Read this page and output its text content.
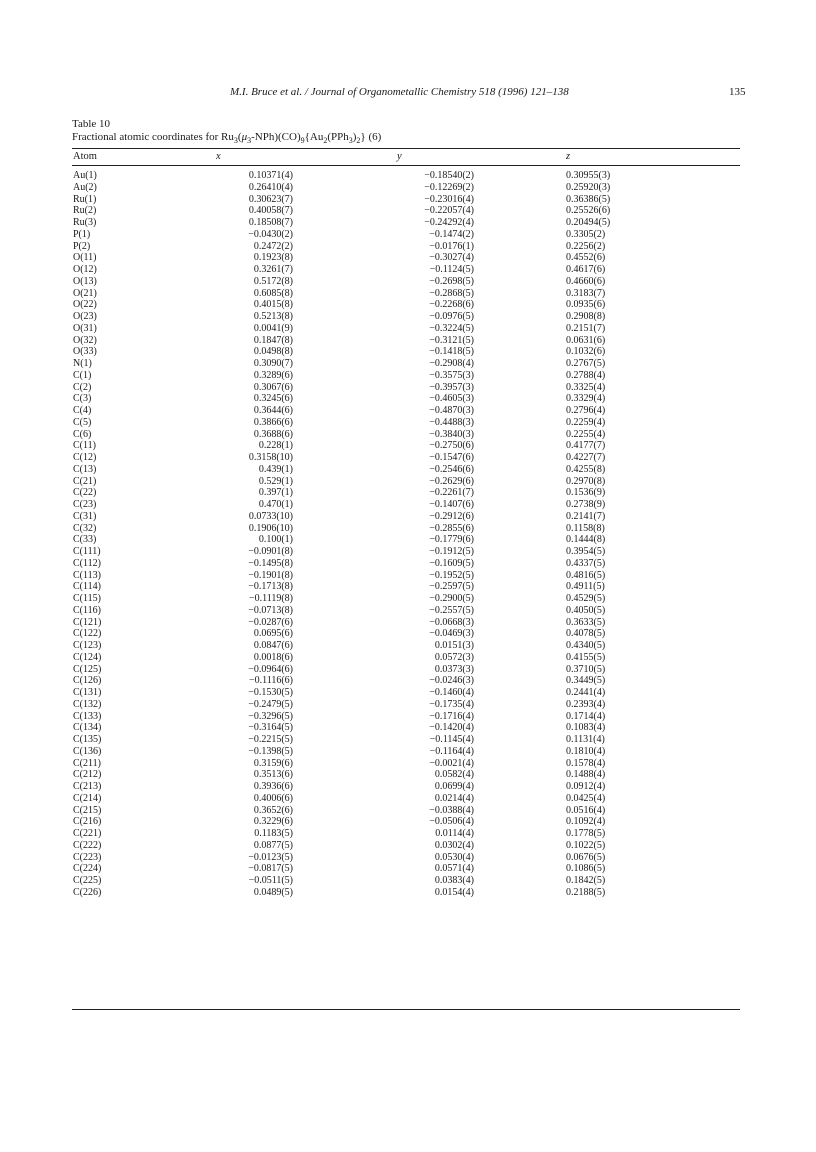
M.I. Bruce et al. / Journal of Organometallic Chemistry 518 (1996) 121–138	135
Table 10
Fractional atomic coordinates for $Ru_3(\mu_3-NPh)(CO)_9\{Au_2(PPh_3)_2\}$ (6)
Atom	x	y	z
Au(1)	0.10371(4)	−0.18540(2)	0.30955(3)
Au(2)	0.26410(4)	−0.12269(2)	0.25920(3)
Ru(1)	0.30623(7)	−0.23016(4)	0.36386(5)
Ru(2)	0.40058(7)	−0.22057(4)	0.25526(6)
Ru(3)	0.18508(7)	−0.24292(4)	0.20494(5)
P(1)	−0.0430(2)	−0.1474(2)	0.3305(2)
P(2)	0.2472(2)	−0.0176(1)	0.2256(2)
O(11)	0.1923(8)	−0.3027(4)	0.4552(6)
O(12)	0.3261(7)	−0.1124(5)	0.4617(6)
O(13)	0.5172(8)	−0.2698(5)	0.4660(6)
O(21)	0.6085(8)	−0.2868(5)	0.3183(7)
O(22)	0.4015(8)	−0.2268(6)	0.0935(6)
O(23)	0.5213(8)	−0.0976(5)	0.2908(8)
O(31)	0.0041(9)	−0.3224(5)	0.2151(7)
O(32)	0.1847(8)	−0.3121(5)	0.0631(6)
O(33)	0.0498(8)	−0.1418(5)	0.1032(6)
N(1)	0.3090(7)	−0.2908(4)	0.2767(5)
C(1)	0.3289(6)	−0.3575(3)	0.2788(4)
C(2)	0.3067(6)	−0.3957(3)	0.3325(4)
C(3)	0.3245(6)	−0.4605(3)	0.3329(4)
C(4)	0.3644(6)	−0.4870(3)	0.2796(4)
C(5)	0.3866(6)	−0.4488(3)	0.2259(4)
C(6)	0.3688(6)	−0.3840(3)	0.2255(4)
C(11)	0.228(1)	−0.2750(6)	0.4177(7)
C(12)	0.3158(10)	−0.1547(6)	0.4227(7)
C(13)	0.439(1)	−0.2546(6)	0.4255(8)
C(21)	0.529(1)	−0.2629(6)	0.2970(8)
C(22)	0.397(1)	−0.2261(7)	0.1536(9)
C(23)	0.470(1)	−0.1407(6)	0.2738(9)
C(31)	0.0733(10)	−0.2912(6)	0.2141(7)
C(32)	0.1906(10)	−0.2855(6)	0.1158(8)
C(33)	0.100(1)	−0.1779(6)	0.1444(8)
C(111)	−0.0901(8)	−0.1912(5)	0.3954(5)
C(112)	−0.1495(8)	−0.1609(5)	0.4337(5)
C(113)	−0.1901(8)	−0.1952(5)	0.4816(5)
C(114)	−0.1713(8)	−0.2597(5)	0.4911(5)
C(115)	−0.1119(8)	−0.2900(5)	0.4529(5)
C(116)	−0.0713(8)	−0.2557(5)	0.4050(5)
C(121)	−0.0287(6)	−0.0668(3)	0.3633(5)
C(122)	0.0695(6)	−0.0469(3)	0.4078(5)
C(123)	0.0847(6)	0.0151(3)	0.4340(5)
C(124)	0.0018(6)	0.0572(3)	0.4155(5)
C(125)	−0.0964(6)	0.0373(3)	0.3710(5)
C(126)	−0.1116(6)	−0.0246(3)	0.3449(5)
C(131)	−0.1530(5)	−0.1460(4)	0.2441(4)
C(132)	−0.2479(5)	−0.1735(4)	0.2393(4)
C(133)	−0.3296(5)	−0.1716(4)	0.1714(4)
C(134)	−0.3164(5)	−0.1420(4)	0.1083(4)
C(135)	−0.2215(5)	−0.1145(4)	0.1131(4)
C(136)	−0.1398(5)	−0.1164(4)	0.1810(4)
C(211)	0.3159(6)	−0.0021(4)	0.1578(4)
C(212)	0.3513(6)	0.0582(4)	0.1488(4)
C(213)	0.3936(6)	0.0699(4)	0.0912(4)
C(214)	0.4006(6)	0.0214(4)	0.0425(4)
C(215)	0.3652(6)	−0.0388(4)	0.0516(4)
C(216)	0.3229(6)	−0.0506(4)	0.1092(4)
C(221)	0.1183(5)	0.0114(4)	0.1778(5)
C(222)	0.0877(5)	0.0302(4)	0.1022(5)
C(223)	−0.0123(5)	0.0530(4)	0.0676(5)
C(224)	−0.0817(5)	0.0571(4)	0.1086(5)
C(225)	−0.0511(5)	0.0383(4)	0.1842(5)
C(226)	0.0489(5)	0.0154(4)	0.2188(5)
